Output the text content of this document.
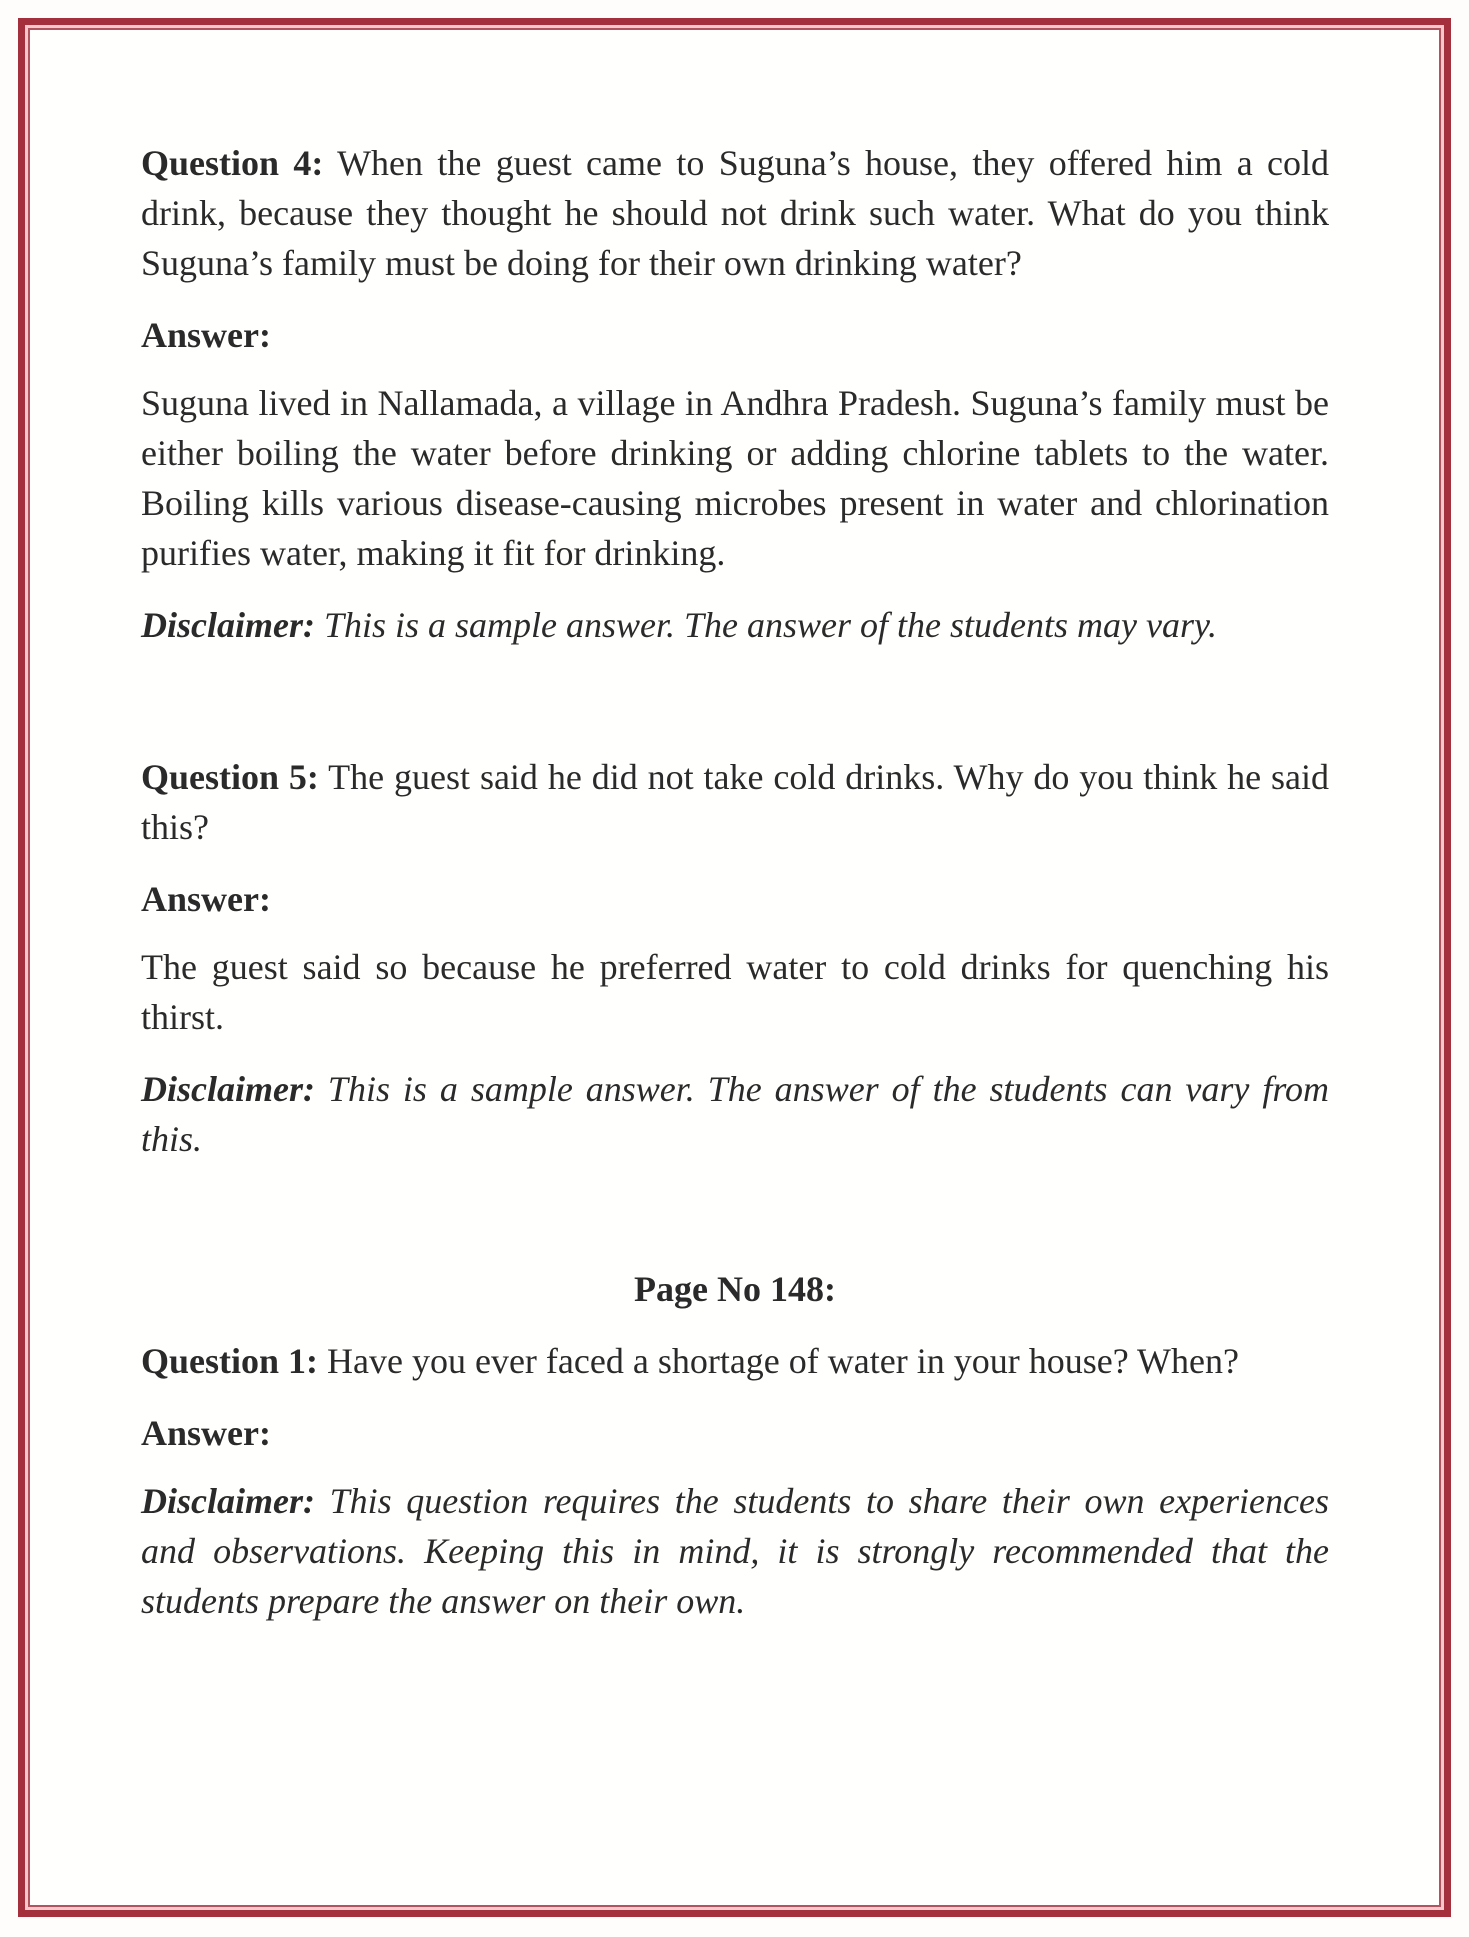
Question 4: When the guest came to Suguna’s house, they offered him a cold drink, because they thought he should not drink such water. What do you think Suguna’s family must be doing for their own drinking water?

Answer:

Suguna lived in Nallamada, a village in Andhra Pradesh. Suguna’s family must be either boiling the water before drinking or adding chlorine tablets to the water. Boiling kills various disease-causing microbes present in water and chlorination purifies water, making it fit for drinking.

Disclaimer: This is a sample answer. The answer of the students may vary.

Question 5: The guest said he did not take cold drinks. Why do you think he said this?

Answer:

The guest said so because he preferred water to cold drinks for quenching his thirst.

Disclaimer: This is a sample answer. The answer of the students can vary from this.

Page No 148:

Question 1: Have you ever faced a shortage of water in your house? When?

Answer:

Disclaimer: This question requires the students to share their own experiences and observations. Keeping this in mind, it is strongly recommended that the students prepare the answer on their own.
